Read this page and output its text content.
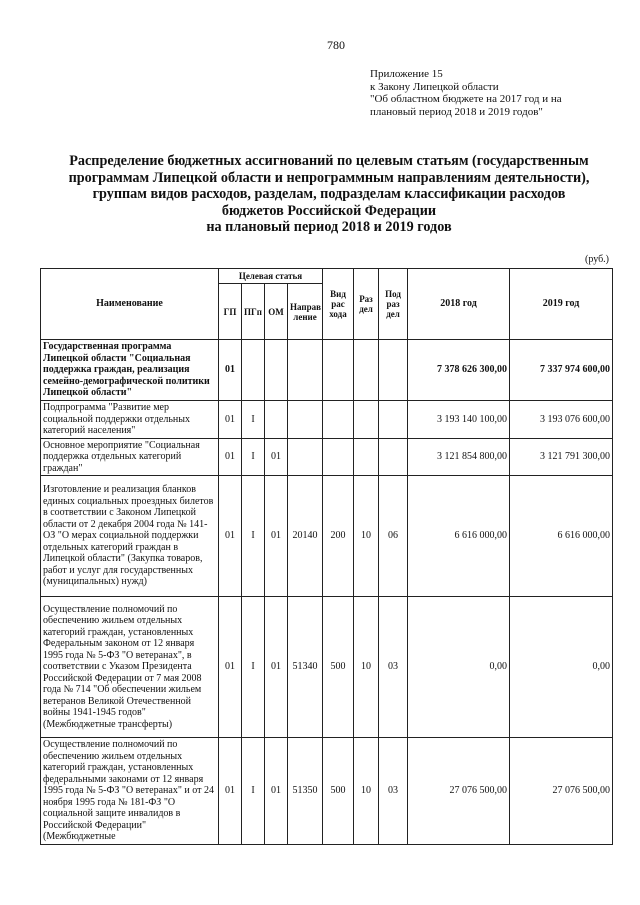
780
Приложение 15
к Закону Липецкой области
"Об областном бюджете на 2017 год и на
плановый период 2018 и 2019 годов"
Распределение бюджетных ассигнований по целевым статьям (государственным
программам Липецкой области и непрограммным направлениям деятельности),
группам видов расходов, разделам, подразделам классификации расходов
бюджетов Российской Федерации
на плановый период 2018 и 2019 годов
(руб.)
Наименование	Целевая статья				Вид рас хода	Раз дел	Под раз дел	2018 год	2019 год
	ГП	ПГп	ОМ	Направ ление					
Государственная программа Липецкой области "Социальная поддержка граждан, реализация семейно-демографической политики Липецкой области"	01							7 378 626 300,00	7 337 974 600,00
Подпрограмма "Развитие мер социальной поддержки отдельных категорий населения"	01	I						3 193 140 100,00	3 193 076 600,00
Основное мероприятие "Социальная поддержка отдельных категорий граждан"	01	I	01					3 121 854 800,00	3 121 791 300,00
Изготовление и реализация бланков единых социальных проездных билетов в соответствии с Законом Липецкой области от 2 декабря 2004 года № 141-ОЗ "О мерах социальной поддержки отдельных категорий граждан в Липецкой области" (Закупка товаров, работ и услуг для государственных (муниципальных) нужд)	01	I	01	20140	200	10	06	6 616 000,00	6 616 000,00
Осуществление полномочий по обеспечению жильем отдельных категорий граждан, установленных Федеральным законом от 12 января 1995 года № 5-ФЗ "О ветеранах", в соответствии с Указом Президента Российской Федерации от 7 мая 2008 года № 714 "Об обеспечении жильем ветеранов Великой Отечественной войны 1941-1945 годов" (Межбюджетные трансферты)	01	I	01	51340	500	10	03	0,00	0,00
Осуществление полномочий по обеспечению жильем отдельных категорий граждан, установленных федеральными законами от 12 января 1995 года № 5-ФЗ "О ветеранах" и от 24 ноября 1995 года № 181-ФЗ "О социальной защите инвалидов в Российской Федерации" (Межбюджетные	01	I	01	51350	500	10	03	27 076 500,00	27 076 500,00
